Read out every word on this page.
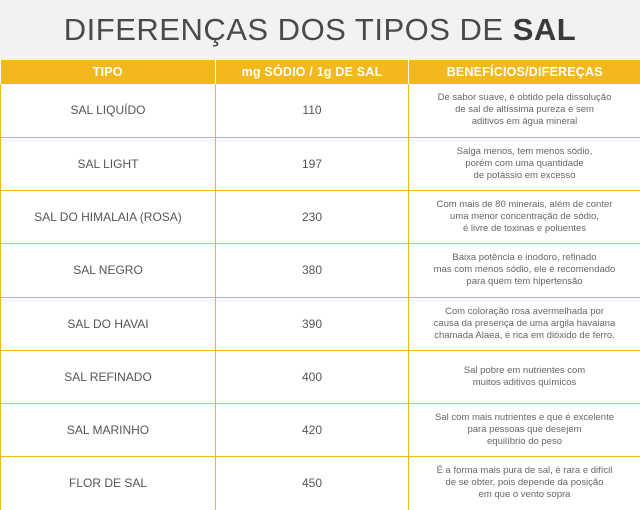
DIFERENÇAS DOS TIPOS DE SAL
TIPO	mg SÓDIO / 1g DE SAL	BENEFÍCIOS/DIFEREÇAS
SAL LIQUÍDO	110	De sabor suave, é obtido pela dissolução
de sal de altíssima pureza e sem
aditivos em água mineral

SAL LIGHT	197	Salga menos, tem menos sódio,
porém com uma quantidade
de potássio em excesso

SAL DO HIMALAIA (ROSA)	230	Com mais de 80 minerais, além de conter
uma menor concentração de sódio,
é livre de toxinas e poluentes

SAL NEGRO	380	Baixa potência e inodoro, refinado
mas com menos sódio, ele é recomendado
para quem tem hipertensão

SAL DO HAVAI	390	Com coloração rosa avermelhada por
causa da presença de uma argila havaiana
chamada Alaea, é rica em dióxido de ferro.

SAL REFINADO	400	Sal pobre em nutrientes com
muitos aditivos químicos

SAL MARINHO	420	Sal com mais nutrientes e que é excelente
para pessoas que desejem
equilíbrio do peso

FLOR DE SAL	450	É a forma mais pura de sal, é rara e difícil
de se obter, pois depende da posição
em que o vento sopra
